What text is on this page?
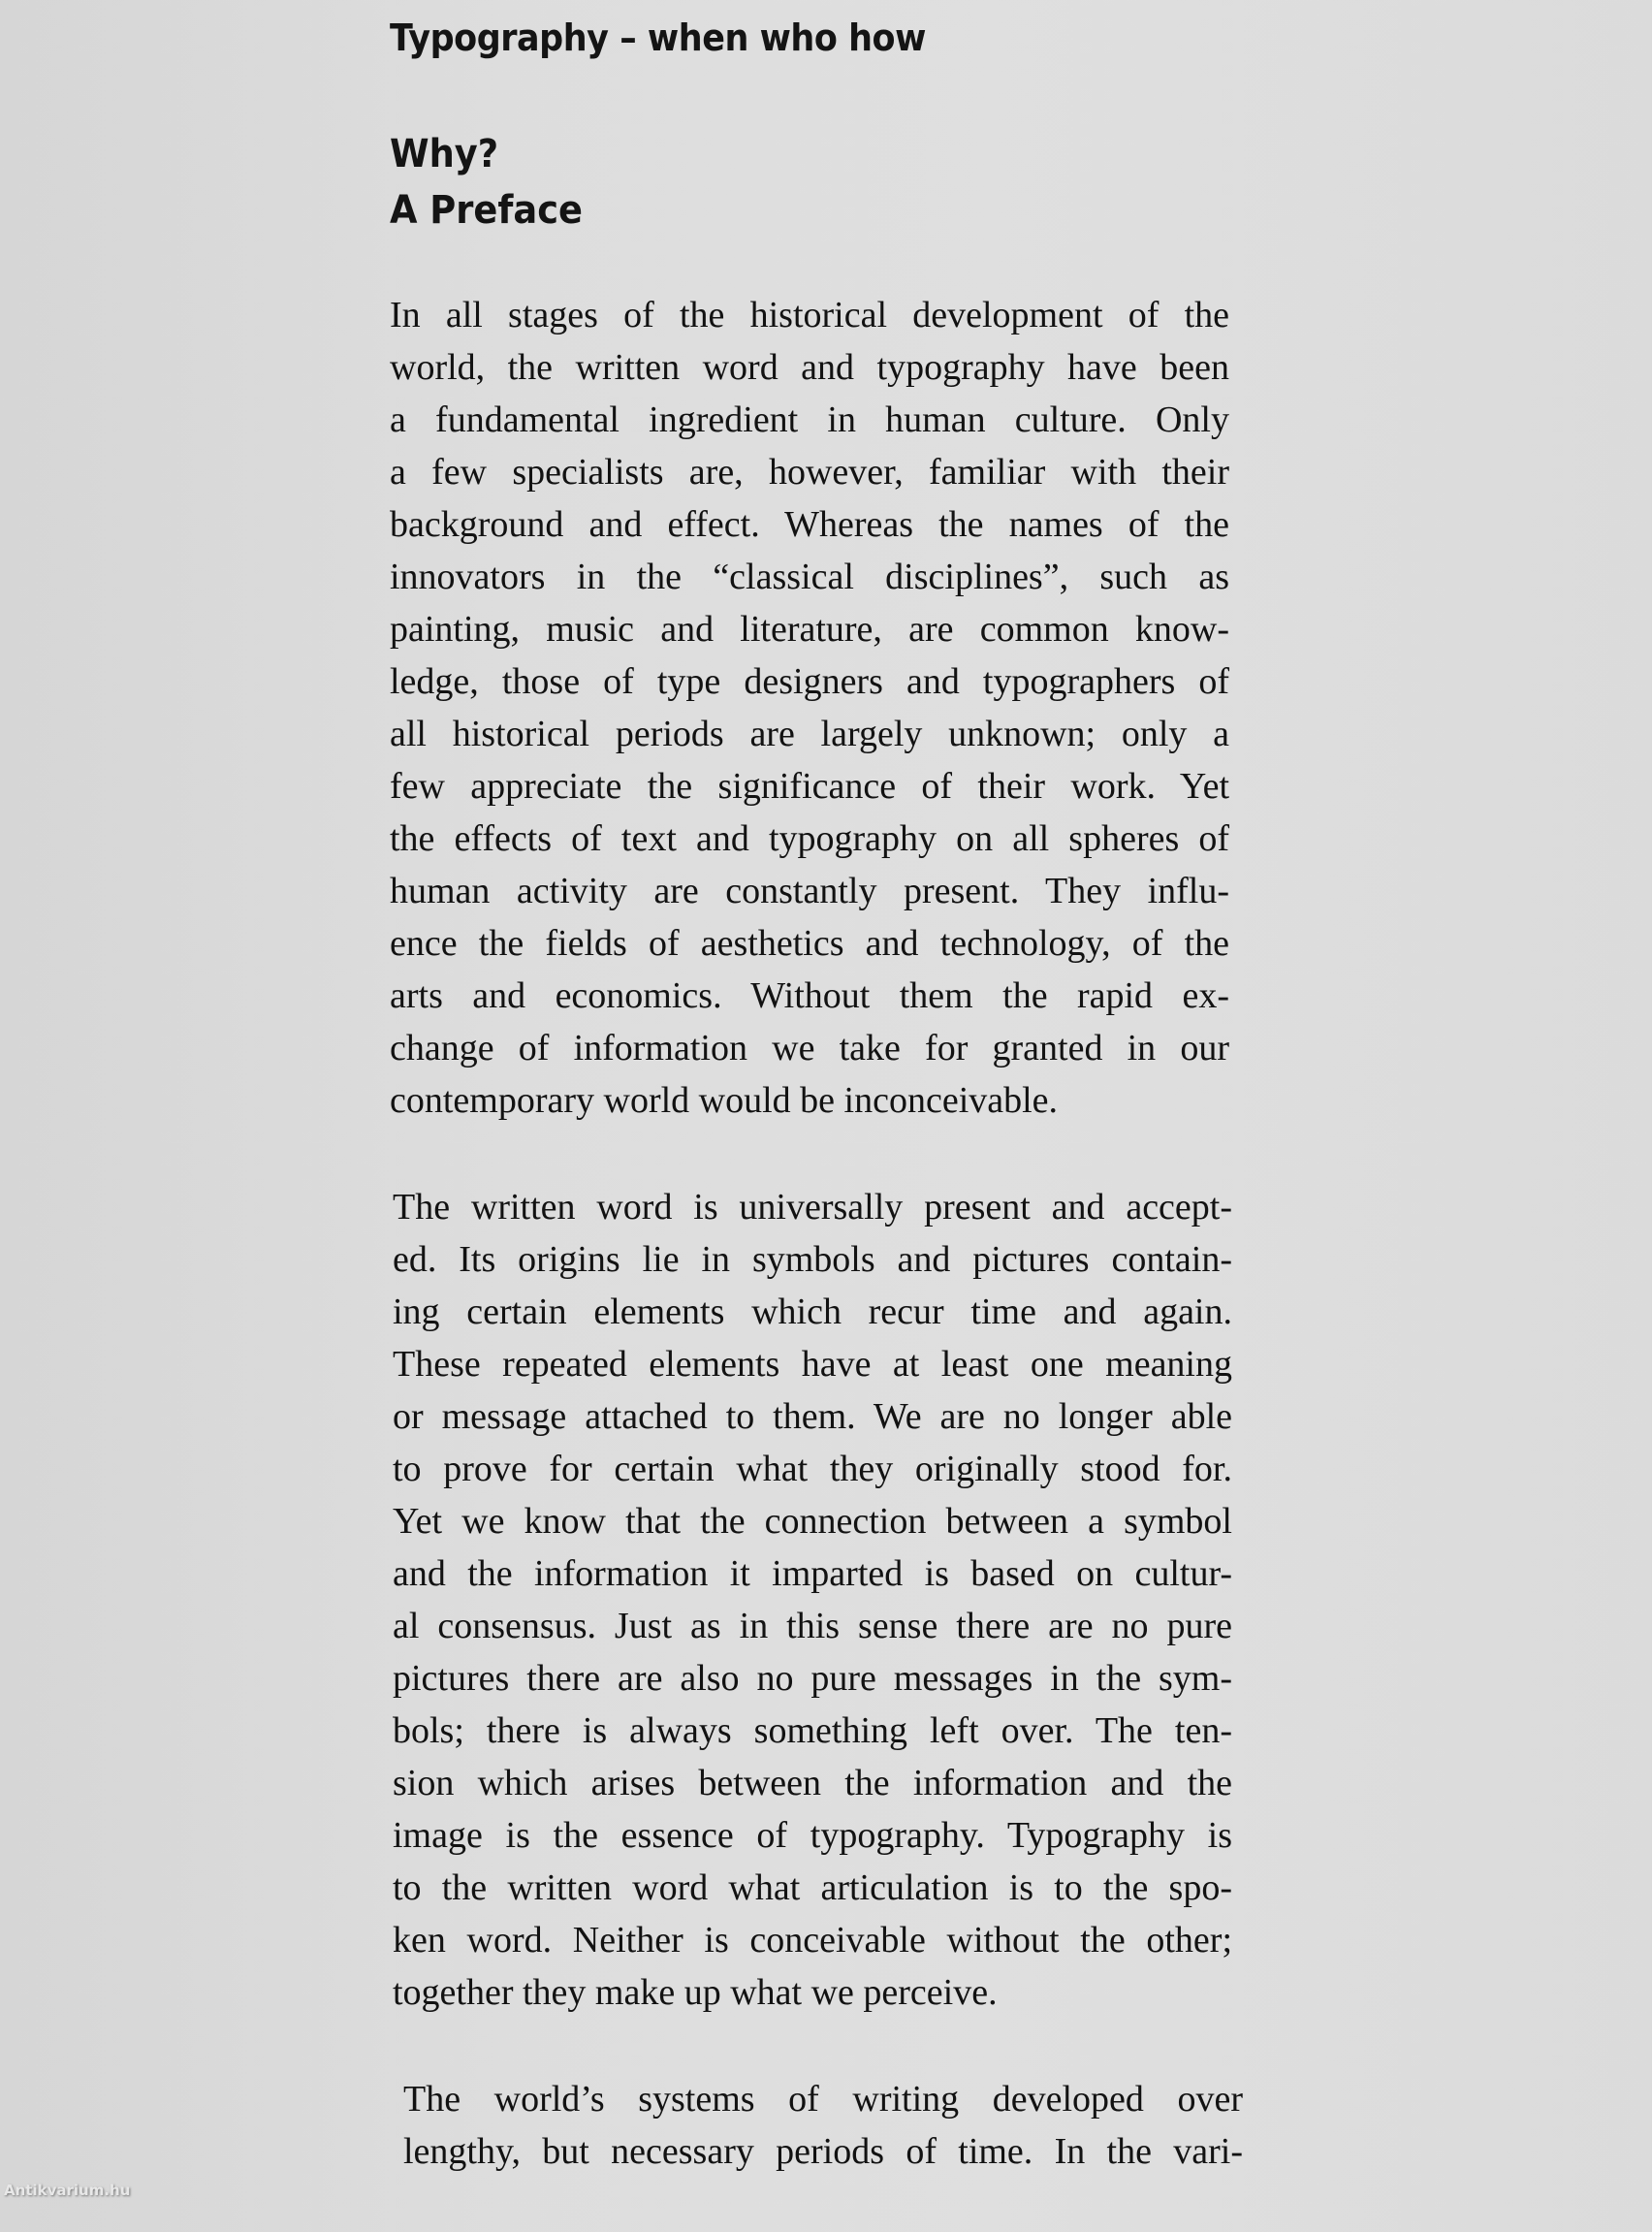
Typography – when who how
Why?
A Preface

In all stages of the historical development of the
world, the written word and typography have been
a fundamental ingredient in human culture. Only
a few specialists are, however, familiar with their
background and effect. Whereas the names of the
innovators in the “classical disciplines”, such as
painting, music and literature, are common know-
ledge, those of type designers and typographers of
all historical periods are largely unknown; only a
few appreciate the significance of their work. Yet
the effects of text and typography on all spheres of
human activity are constantly present. They influ-
ence the fields of aesthetics and technology, of the
arts and economics. Without them the rapid ex-
change of information we take for granted in our
contemporary world would be inconceivable.

The written word is universally present and accept-
ed. Its origins lie in symbols and pictures contain-
ing certain elements which recur time and again.
These repeated elements have at least one meaning
or message attached to them. We are no longer able
to prove for certain what they originally stood for.
Yet we know that the connection between a symbol
and the information it imparted is based on cultur-
al consensus. Just as in this sense there are no pure
pictures there are also no pure messages in the sym-
bols; there is always something left over. The ten-
sion which arises between the information and the
image is the essence of typography. Typography is
to the written word what articulation is to the spo-
ken word. Neither is conceivable without the other;
together they make up what we perceive.

The world’s systems of writing developed over
lengthy, but necessary periods of time. In the vari-

Antikvarium.hu
